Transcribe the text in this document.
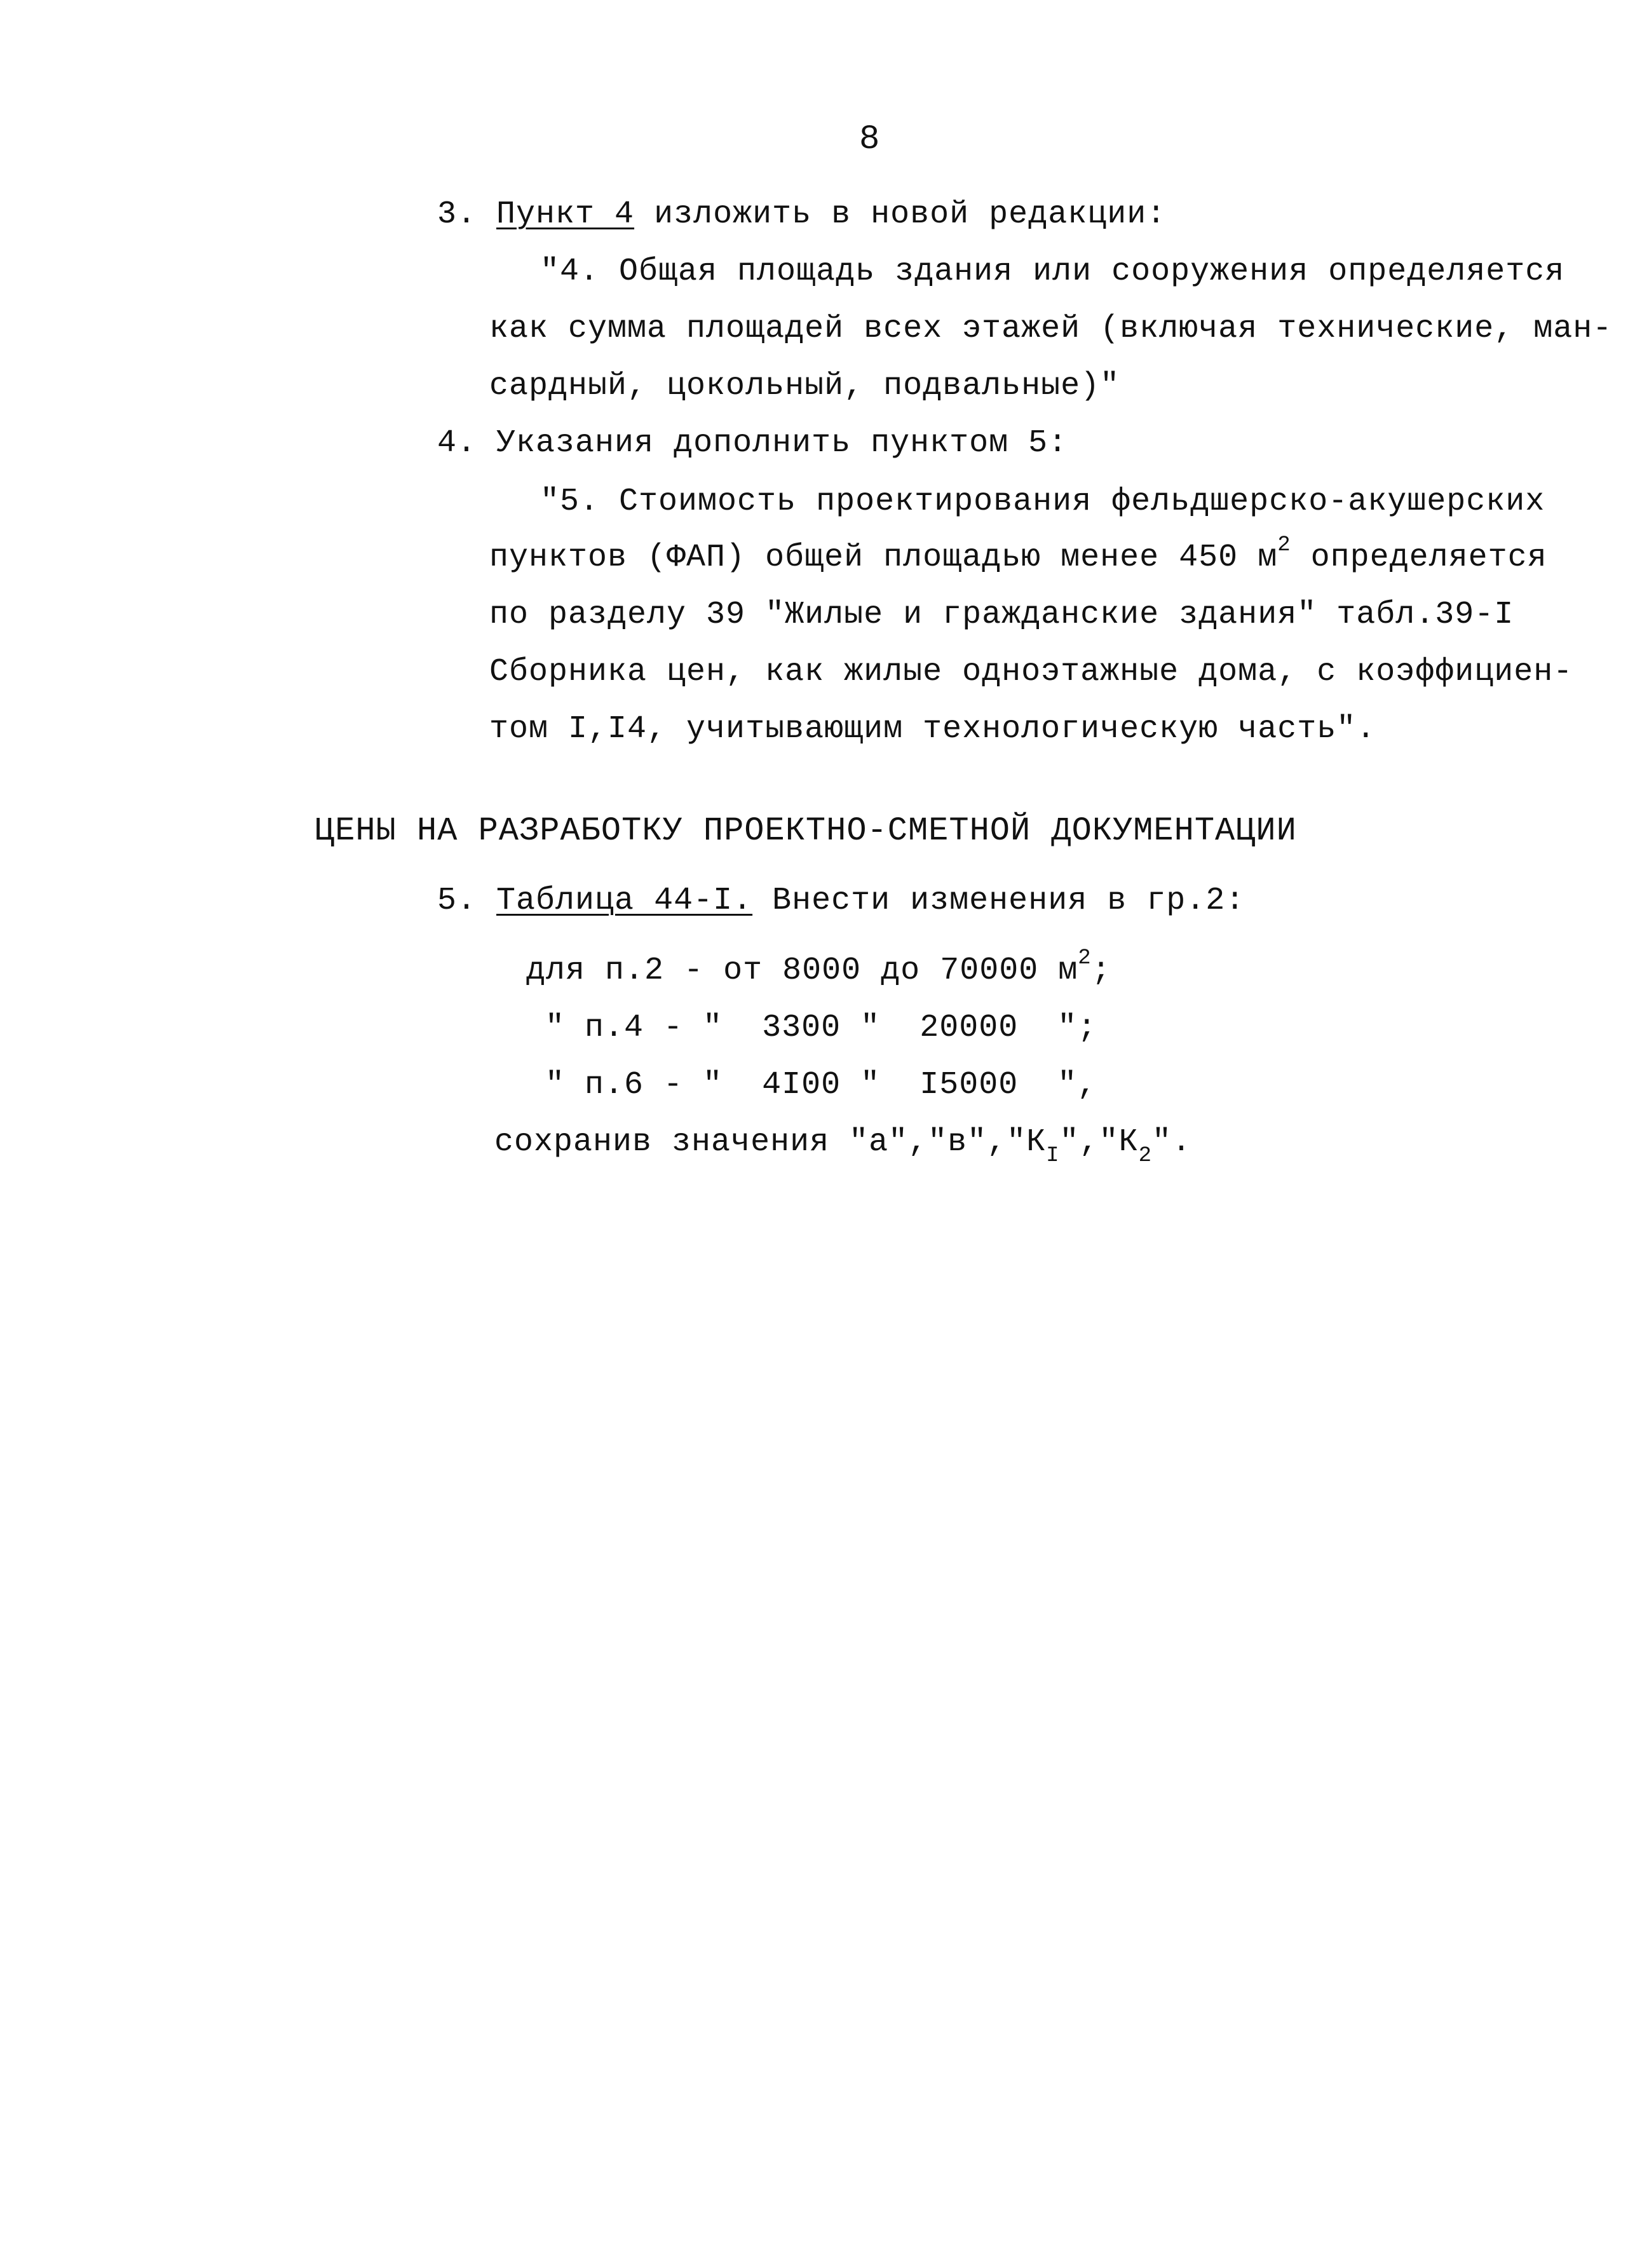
8
3. Пункт 4 изложить в новой редакции:
"4. Общая площадь здания или сооружения определяется
как сумма площадей всех этажей (включая технические, ман-
сардный, цокольный, подвальные)"
4. Указания дополнить пунктом 5:
"5. Стоимость проектирования фельдшерско-акушерских
пунктов (ФАП) общей площадью менее 450 $м^2$ определяется
по разделу 39 "Жилые и гражданские здания" табл.39-I
Сборника цен, как жилые одноэтажные дома, с коэффициен-
том I,I4, учитывающим технологическую часть".
ЦЕНЫ НА РАЗРАБОТКУ ПРОЕКТНО-СМЕТНОЙ ДОКУМЕНТАЦИИ
5. Таблица 44-I. Внести изменения в гр.2:
для п.2 - от 8000 до 70000 $м^2$;
" п.4 - " 3300 " 20000 ";
" п.6 - " 4I00 " I5000 ",
сохранив значения "$а","в","К_I","К_2$".
